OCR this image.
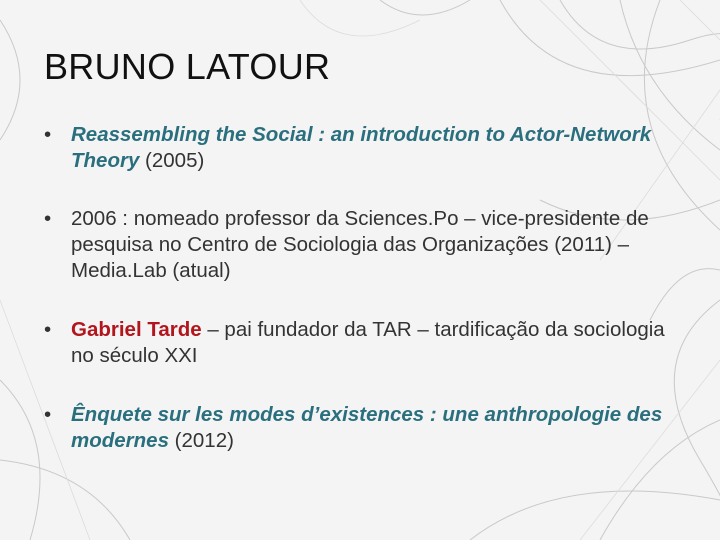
BRUNO LATOUR
• Reassembling the Social : an introduction to Actor-Network Theory (2005)
• 2006 : nomeado professor da Sciences.Po – vice-presidente de pesquisa no Centro de Sociologia das Organizações (2011) – Media.Lab (atual)
• Gabriel Tarde – pai fundador da TAR – tardificação da sociologia no século XXI
• Ênquete sur les modes d’existences : une anthropologie des modernes (2012)
